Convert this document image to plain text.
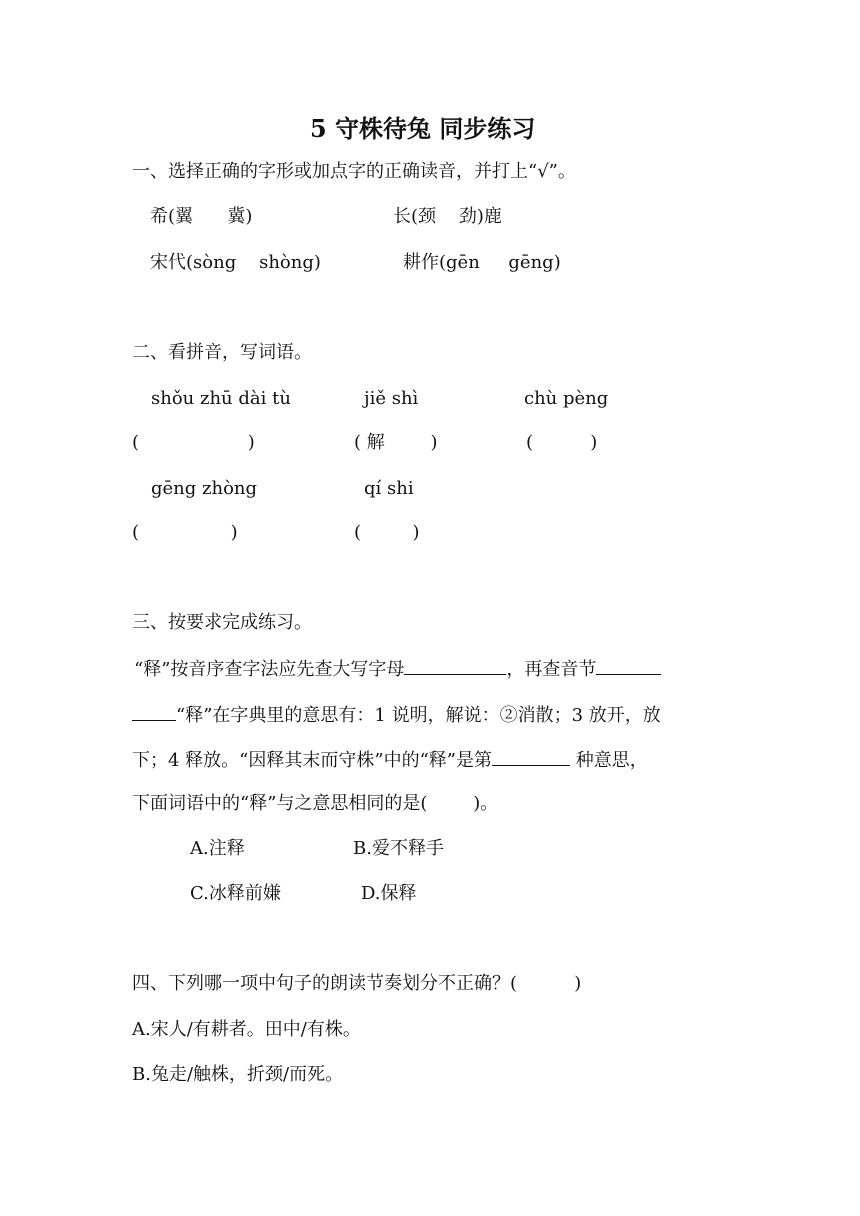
5 守株待兔 同步练习
一、选择正确的字形或加点字的正确读音，并打上“√”。
希(翼      冀)	长(颈    劲)鹿
宋代(sòng    shòng)	耕作(gēn     gēng)
二、看拼音，写词语。
shǒu zhū dài tù	jiě shì	chù pèng
(                   )	( 解        )	(          )
gēng zhòng	qí shi
(                )	(         )
三、按要求完成练习。
“释”按音序查字法应先查大写字母	，再查音节
“释”在字典里的意思有：1 说明，解说：②消散；3 放开，放
下；4 释放。“因释其末而守株”中的“释”是第	种意思，
下面词语中的“释”与之意思相同的是(        )。
A.注释	B.爱不释手
C.冰释前嫌	D.保释
四、下列哪一项中句子的朗读节奏划分不正确？(          )
A.宋人/有耕者。田中/有株。
B.兔走/触株，折颈/而死。
